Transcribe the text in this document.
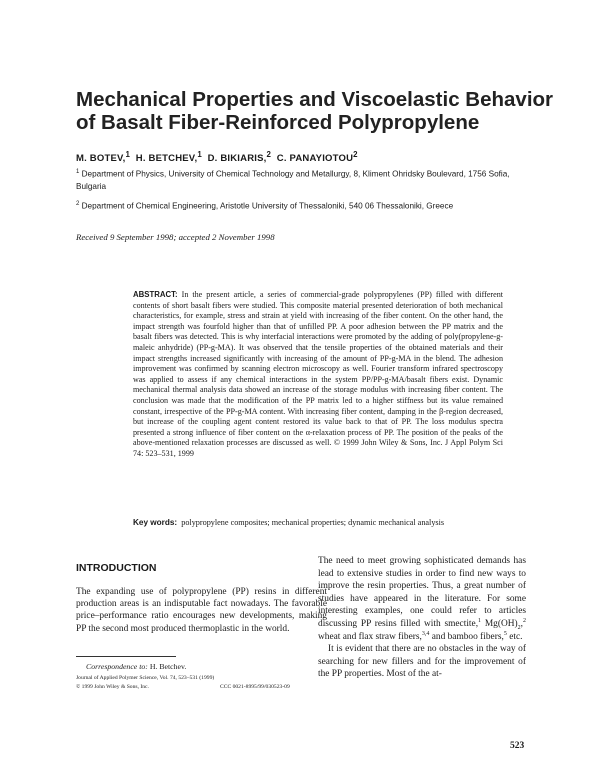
Mechanical Properties and Viscoelastic Behavior of Basalt Fiber-Reinforced Polypropylene
M. BOTEV,$^1$ H. BETCHEV,$^1$ D. BIKIARIS,$^2$ C. PANAYIOTOU$^2$
$^1$ Department of Physics, University of Chemical Technology and Metallurgy, 8, Kliment Ohridsky Boulevard, 1756 Sofia, Bulgaria
$^2$ Department of Chemical Engineering, Aristotle University of Thessaloniki, 540 06 Thessaloniki, Greece
Received 9 September 1998; accepted 2 November 1998
ABSTRACT: In the present article, a series of commercial-grade polypropylenes (PP) filled with different contents of short basalt fibers were studied. This composite material presented deterioration of both mechanical characteristics, for example, stress and strain at yield with increasing of the fiber content. On the other hand, the impact strength was fourfold higher than that of unfilled PP. A poor adhesion between the PP matrix and the basalt fibers was detected. This is why interfacial interactions were promoted by the adding of poly(propylene-g-maleic anhydride) (PP-g-MA). It was observed that the tensile properties of the obtained materials and their impact strengths increased significantly with increasing of the amount of PP-g-MA in the blend. The adhesion improvement was confirmed by scanning electron microscopy as well. Fourier transform infrared spectroscopy was applied to assess if any chemical interactions in the system PP/PP-g-MA/basalt fibers exist. Dynamic mechanical thermal analysis data showed an increase of the storage modulus with increasing fiber content. The conclusion was made that the modification of the PP matrix led to a higher stiffness but its value remained constant, irrespective of the PP-g-MA content. With increasing fiber content, damping in the β-region decreased, but increase of the coupling agent content restored its value back to that of PP. The loss modulus spectra presented a strong influence of fiber content on the α-relaxation process of PP. The position of the peaks of the above-mentioned relaxation processes are discussed as well. © 1999 John Wiley & Sons, Inc. J Appl Polym Sci 74: 523–531, 1999
Key words: polypropylene composites; mechanical properties; dynamic mechanical analysis
INTRODUCTION
The expanding use of polypropylene (PP) resins in different production areas is an indisputable fact nowadays. The favorable price–performance ratio encourages new developments, making PP the second most produced thermoplastic in the world.

The need to meet growing sophisticated demands has lead to extensive studies in order to find new ways to improve the resin properties. Thus, a great number of studies have appeared in the literature. For some interesting examples, one could refer to articles discussing PP resins filled with smectite,$^1$ $Mg(OH)_2,^2$ wheat and flax straw fibers,$^{3,4}$ and bamboo fibers,$^5$ etc.

It is evident that there are no obstacles in the way of searching for new fillers and for the improvement of the PP properties. Most of the at-

Correspondence to: H. Betchev.
Journal of Applied Polymer Science, Vol. 74, 523–531 (1999)
© 1999 John Wiley & Sons, Inc.	CCC 0021-8995/99/030523-09
523
